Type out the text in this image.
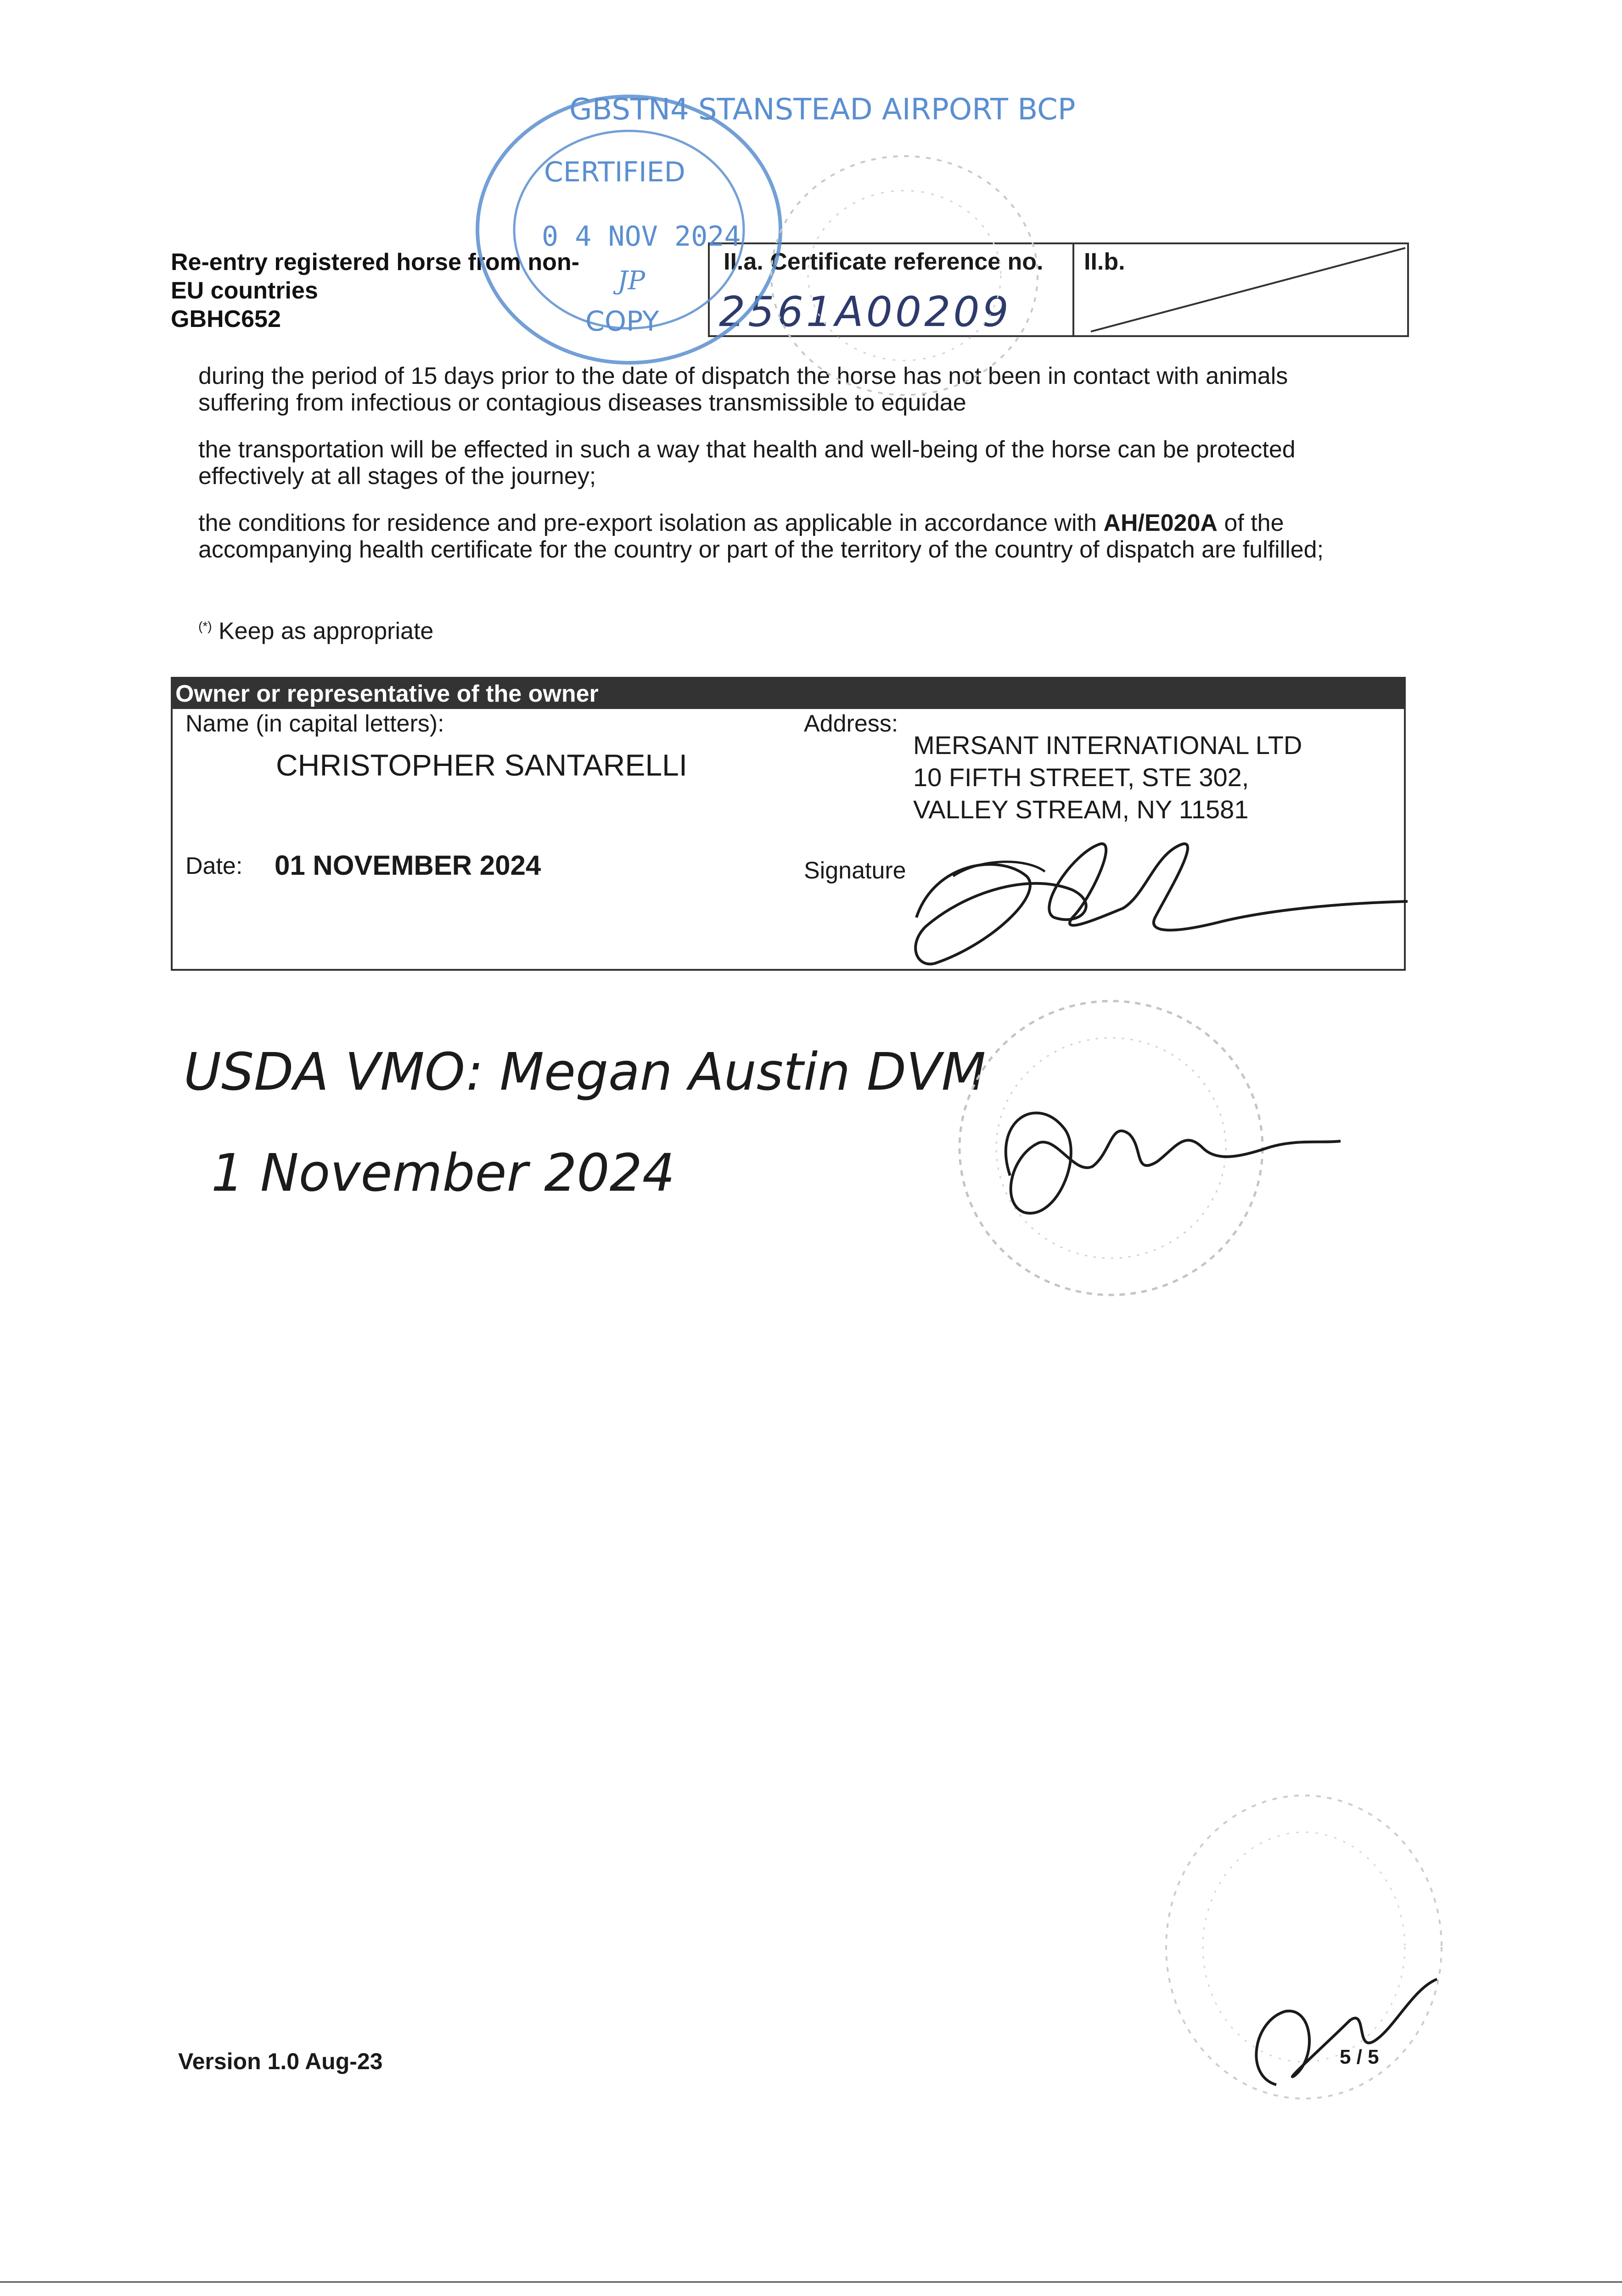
Re-entry registered horse from non-
EU countries
GBHC652
II.a. Certificate reference no.
2561A00209
II.b.
during the period of 15 days prior to the date of dispatch the horse has not been in contact with animals suffering from infectious or contagious diseases transmissible to equidae
the transportation will be effected in such a way that health and well-being of the horse can be protected effectively at all stages of the journey;
the conditions for residence and pre-export isolation as applicable in accordance with AH/E020A of the accompanying health certificate for the country or part of the territory of the country of dispatch are fulfilled;
(*) Keep as appropriate
Owner or representative of the owner
Name (in capital letters):
CHRISTOPHER SANTARELLI
Address:
MERSANT INTERNATIONAL LTD
10 FIFTH STREET, STE 302,
VALLEY STREAM, NY 11581
Date: 01 NOVEMBER 2024	Signature
GBSTN4 STANSTEAD AIRPORT BCP
CERTIFIED
0 4 NOV 2024
JP
COPY
USDA VMO: Megan Austin DVM
1 November 2024
Version 1.0 Aug-23	5 / 5
